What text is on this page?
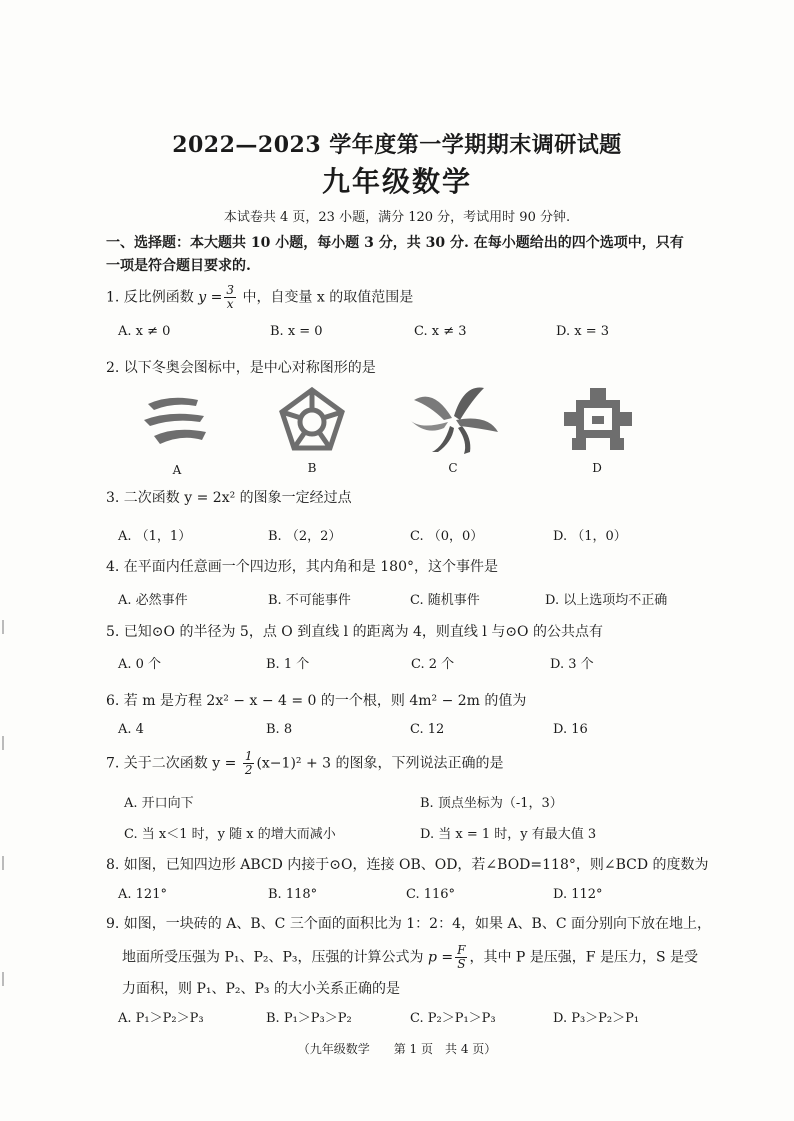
2022—2023 学年度第一学期期末调研试题
九年级数学
本试卷共 4 页，23 小题，满分 120 分，考试用时 90 分钟.
一、选择题：本大题共 10 小题，每小题 3 分，共 30 分. 在每小题给出的四个选项中，只有一项是符合题目要求的.
1. 反比例函数 $y = \frac{3}{x}$ 中，自变量 x 的取值范围是
A. x ≠ 0	B. x = 0	C. x ≠ 3	D. x = 3
2. 以下冬奥会图标中，是中心对称图形的是
A	B	C	D
3. 二次函数 y = 2x² 的图象一定经过点
A. （1，1）	B. （2，2）	C. （0，0）	D. （1，0）
4. 在平面内任意画一个四边形，其内角和是 180°，这个事件是
A. 必然事件	B. 不可能事件	C. 随机事件	D. 以上选项均不正确
5. 已知⊙O 的半径为 5，点 O 到直线 l 的距离为 4，则直线 l 与⊙O 的公共点有
A. 0 个	B. 1 个	C. 2 个	D. 3 个
6. 若 m 是方程 2x² − x − 4 = 0 的一个根，则 4m² − 2m 的值为
A. 4	B. 8	C. 12	D. 16
7. 关于二次函数 $y = \frac{1}{2} (x-1)^2 + 3$ 的图象，下列说法正确的是
A. 开口向下	B. 顶点坐标为（-1，3）
C. 当 x＜1 时，y 随 x 的增大而减小	D. 当 x = 1 时，y 有最大值 3
8. 如图，已知四边形 ABCD 内接于⊙O，连接 OB、OD，若∠BOD=118°，则∠BCD 的度数为
A. 121°	B. 118°	C. 116°	D. 112°
9. 如图，一块砖的 A、B、C 三个面的面积比为 1：2：4，如果 A、B、C 面分别向下放在地上，
地面所受压强为 P₁、P₂、P₃，压强的计算公式为 $p = \frac{F}{S}$ ，其中 P 是压强，F 是压力，S 是受
力面积，则 P₁、P₂、P₃ 的大小关系正确的是
A. P₁＞P₂＞P₃	B. P₁＞P₃＞P₂	C. P₂＞P₁＞P₃	D. P₃＞P₂＞P₁
（九年级数学　　第 1 页　共 4 页）
